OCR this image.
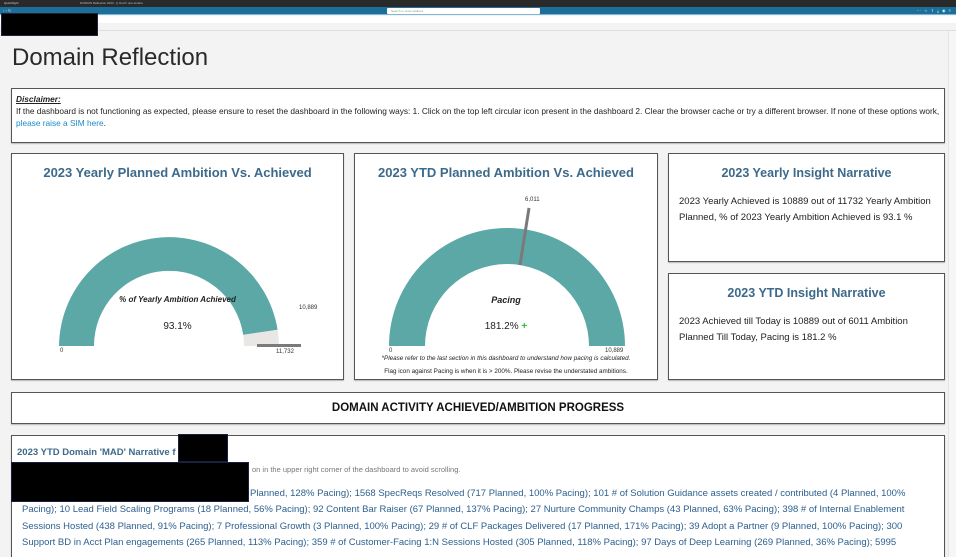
QuickSight	DOMAIN Reflection 2023 · [] Ouvrir une fenêtre
‹ › ↻	Search or enter address	⋯ ☆ ⇪ ⤓ ◉ ≡
Domain Reflection
Disclaimer:
If the dashboard is not functioning as expected, please ensure to reset the dashboard in the following ways: 1. Click on the top left circular icon present in the dashboard 2. Clear the browser cache or try a different browser. If none of these options work, please raise a SIM here.
2023 Yearly Planned Ambition Vs. Achieved
% of Yearly Ambition Achieved
93.1%
0
10,889
11,732
2023 YTD Planned Ambition Vs. Achieved
6,011
Pacing
181.2% +
0	10,889
*Please refer to the last section in this dashboard to understand how pacing is calculated.
Flag icon against Pacing is when it is > 200%. Please revise the understated ambitions.
2023 Yearly Insight Narrative
2023 Yearly Achieved is 10889 out of 11732 Yearly Ambition Planned, % of 2023 Yearly Ambition Achieved is 93.1 %
2023 YTD Insight Narrative
2023 Achieved till Today is 10889 out of 6011 Ambition Planned Till Today, Pacing is 181.2 %
DOMAIN ACTIVITY ACHIEVED/AMBITION PROGRESS
2023 YTD Domain 'MAD' Narrative f
on in the upper right corner of the dashboard to avoid scrolling.
Planned, 128% Pacing); 1568 SpecReqs Resolved (717 Planned, 100% Pacing); 101 # of Solution Guidance assets created / contributed (4 Planned, 100%
Pacing); 10 Lead Field Scaling Programs (18 Planned, 56% Pacing); 92 Content Bar Raiser (67 Planned, 137% Pacing); 27 Nurture Community Champs (43 Planned, 63% Pacing); 398 # of Internal Enablement
Sessions Hosted (438 Planned, 91% Pacing); 7 Professional Growth (3 Planned, 100% Pacing); 29 # of CLF Packages Delivered (17 Planned, 171% Pacing); 39 Adopt a Partner (9 Planned, 100% Pacing); 300
Support BD in Acct Plan engagements (265 Planned, 113% Pacing); 359 # of Customer-Facing 1:N Sessions Hosted (305 Planned, 118% Pacing); 97 Days of Deep Learning (269 Planned, 36% Pacing); 5995
